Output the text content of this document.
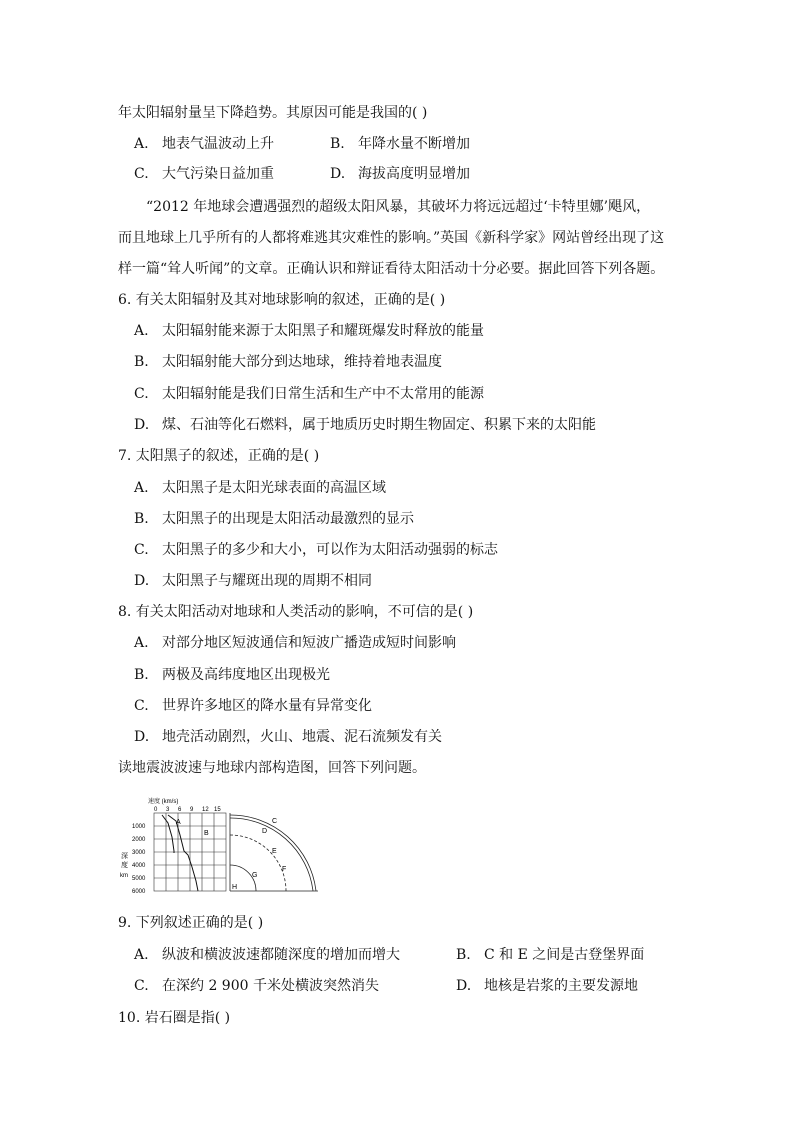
年太阳辐射量呈下降趋势。其原因可能是我国的( )
A. 地表气温波动上升	B. 年降水量不断增加
C. 大气污染日益加重	D. 海拔高度明显增加
“2012 年地球会遭遇强烈的超级太阳风暴，其破坏力将远远超过‘卡特里娜’飓风，
而且地球上几乎所有的人都将难逃其灾难性的影响。”英国《新科学家》网站曾经出现了这
样一篇“耸人听闻”的文章。正确认识和辩证看待太阳活动十分必要。据此回答下列各题。
6. 有关太阳辐射及其对地球影响的叙述，正确的是( )
A. 太阳辐射能来源于太阳黑子和耀斑爆发时释放的能量
B. 太阳辐射能大部分到达地球，维持着地表温度
C. 太阳辐射能是我们日常生活和生产中不太常用的能源
D. 煤、石油等化石燃料，属于地质历史时期生物固定、积累下来的太阳能
7. 太阳黑子的叙述，正确的是( )
A. 太阳黑子是太阳光球表面的高温区域
B. 太阳黑子的出现是太阳活动最激烈的显示
C. 太阳黑子的多少和大小，可以作为太阳活动强弱的标志
D. 太阳黑子与耀斑出现的周期不相同
8. 有关太阳活动对地球和人类活动的影响，不可信的是( )
A. 对部分地区短波通信和短波广播造成短时间影响
B. 两极及高纬度地区出现极光
C. 世界许多地区的降水量有异常变化
D. 地壳活动剧烈，火山、地震、泥石流频发有关
读地震波波速与地球内部构造图，回答下列问题。
速度 (km/s)
0 3 6 9 12 15
1000
2000
3000
4000
5000
6000
深
度
km
A
B
C
D
E
F
G
H
9. 下列叙述正确的是( )
A. 纵波和横波波速都随深度的增加而增大	B. C 和 E 之间是古登堡界面
C. 在深约 2 900 千米处横波突然消失	D. 地核是岩浆的主要发源地
10. 岩石圈是指( )
